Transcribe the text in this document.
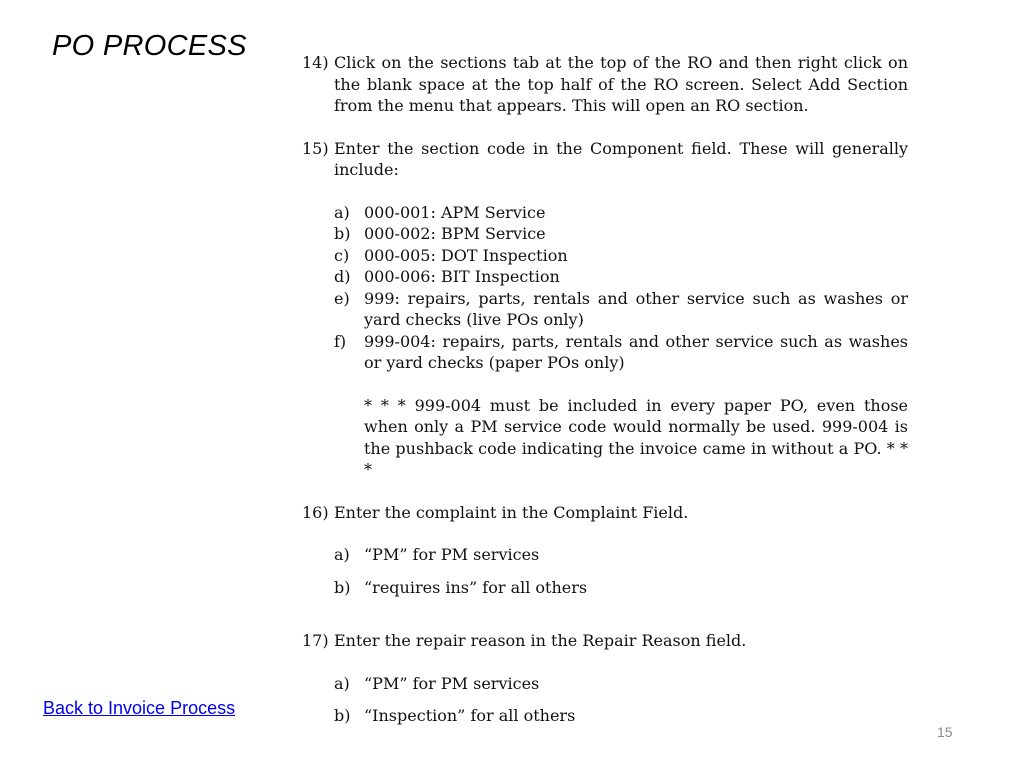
PO PROCESS
14) Click on the sections tab at the top of the RO and then right click on the blank space at the top half of the RO screen. Select Add Section from the menu that appears. This will open an RO section.
15) Enter the section code in the Component field. These will generally include:
a) 000-001: APM Service
b) 000-002: BPM Service
c) 000-005: DOT Inspection
d) 000-006: BIT Inspection
e) 999: repairs, parts, rentals and other service such as washes or yard checks (live POs only)
f)	999-004: repairs, parts, rentals and other service such as washes or yard checks (paper POs only)
* * * 999-004 must be included in every paper PO, even those when only a PM service code would normally be used. 999-004 is the pushback code indicating the invoice came in without a PO. * * *
16) Enter the complaint in the Complaint Field.
a) “PM” for PM services
b) “requires ins” for all others
17) Enter the repair reason in the Repair Reason field.
a) “PM” for PM services
b) “Inspection” for all others
Back to Invoice Process
15
